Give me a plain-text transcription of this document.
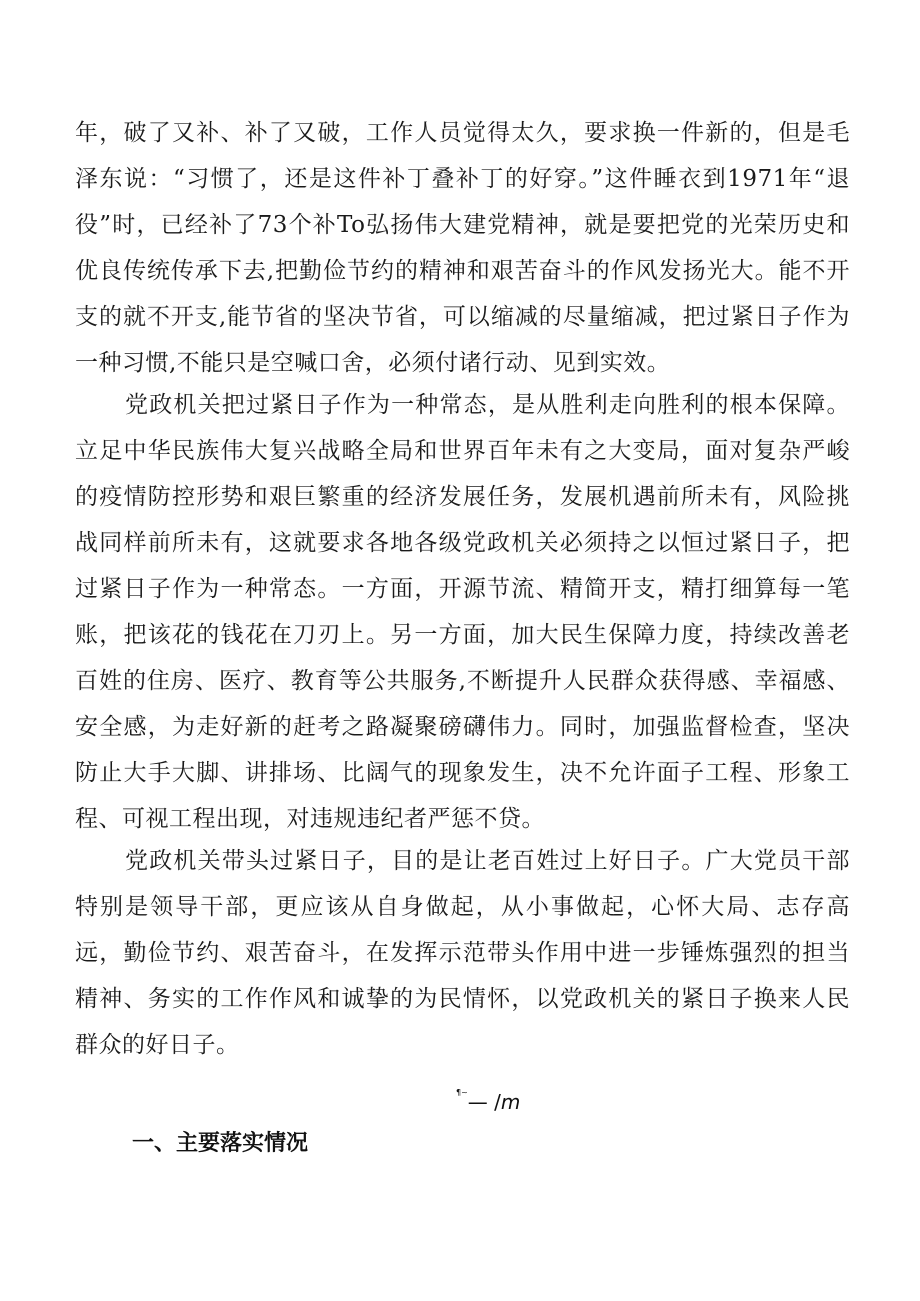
年，破了又补、补了又破，工作人员觉得太久，要求换一件新的，但是毛泽东说：“习惯了，还是这件补丁叠补丁的好穿。”这件睡衣到1971年“退役”时，已经补了73个补To弘扬伟大建党精神，就是要把党的光荣历史和优良传统传承下去,把勤俭节约的精神和艰苦奋斗的作风发扬光大。能不开支的就不开支,能节省的坚决节省，可以缩减的尽量缩减，把过紧日子作为一种习惯,不能只是空喊口舍，必须付诸行动、见到实效。

党政机关把过紧日子作为一种常态，是从胜利走向胜利的根本保障。立足中华民族伟大复兴战略全局和世界百年未有之大变局，面对复杂严峻的疫情防控形势和艰巨繁重的经济发展任务，发展机遇前所未有，风险挑战同样前所未有，这就要求各地各级党政机关必须持之以恒过紧日子，把过紧日子作为一种常态。一方面，开源节流、精简开支，精打细算每一笔账，把该花的钱花在刀刃上。另一方面，加大民生保障力度，持续改善老百姓的住房、医疗、教育等公共服务,不断提升人民群众获得感、幸福感、安全感，为走好新的赶考之路凝聚磅礴伟力。同时，加强监督检查，坚决防止大手大脚、讲排场、比阔气的现象发生，决不允许面子工程、形象工程、可视工程出现，对违规违纪者严惩不贷。

党政机关带头过紧日子，目的是让老百姓过上好日子。广大党员干部特别是领导干部，更应该从自身做起，从小事做起，心怀大局、志存高远，勤俭节约、艰苦奋斗，在发挥示范带头作用中进一步锤炼强烈的担当精神、务实的工作作风和诚挚的为民情怀，以党政机关的紧日子换来人民群众的好日子。

¶~— /m
一、主要落实情况
